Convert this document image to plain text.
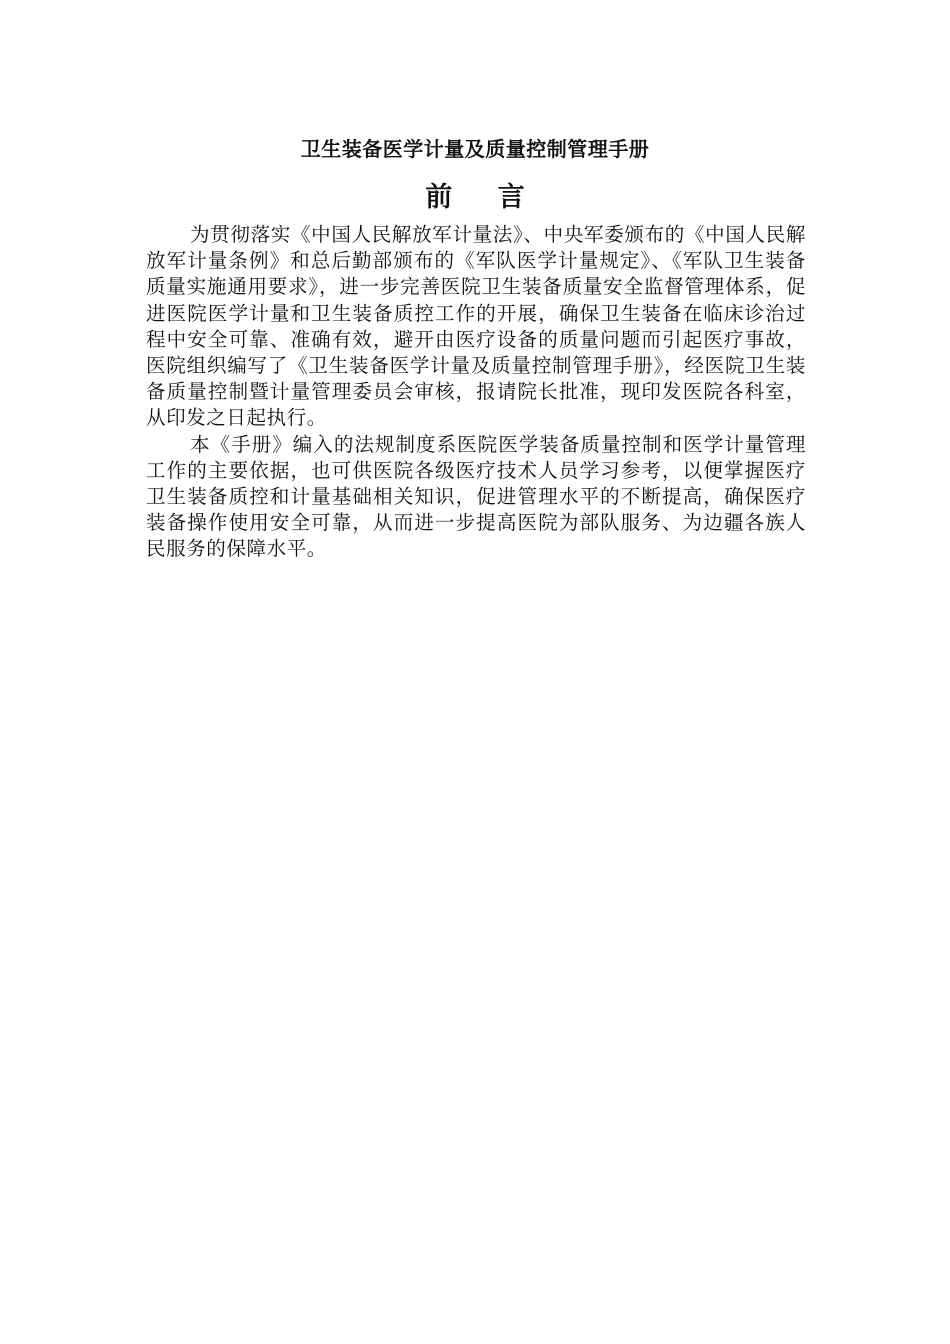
卫生装备医学计量及质量控制管理手册
前 言

为贯彻落实《中国人民解放军计量法》、中央军委颁布的《中国人民解放军计量条例》和总后勤部颁布的《军队医学计量规定》、《军队卫生装备质量实施通用要求》，进一步完善医院卫生装备质量安全监督管理体系，促进医院医学计量和卫生装备质控工作的开展，确保卫生装备在临床诊治过程中安全可靠、准确有效，避开由医疗设备的质量问题而引起医疗事故，医院组织编写了《卫生装备医学计量及质量控制管理手册》，经医院卫生装备质量控制暨计量管理委员会审核，报请院长批准，现印发医院各科室，从印发之日起执行。

本《手册》编入的法规制度系医院医学装备质量控制和医学计量管理工作的主要依据，也可供医院各级医疗技术人员学习参考，以便掌握医疗卫生装备质控和计量基础相关知识，促进管理水平的不断提高，确保医疗装备操作使用安全可靠，从而进一步提高医院为部队服务、为边疆各族人民服务的保障水平。
